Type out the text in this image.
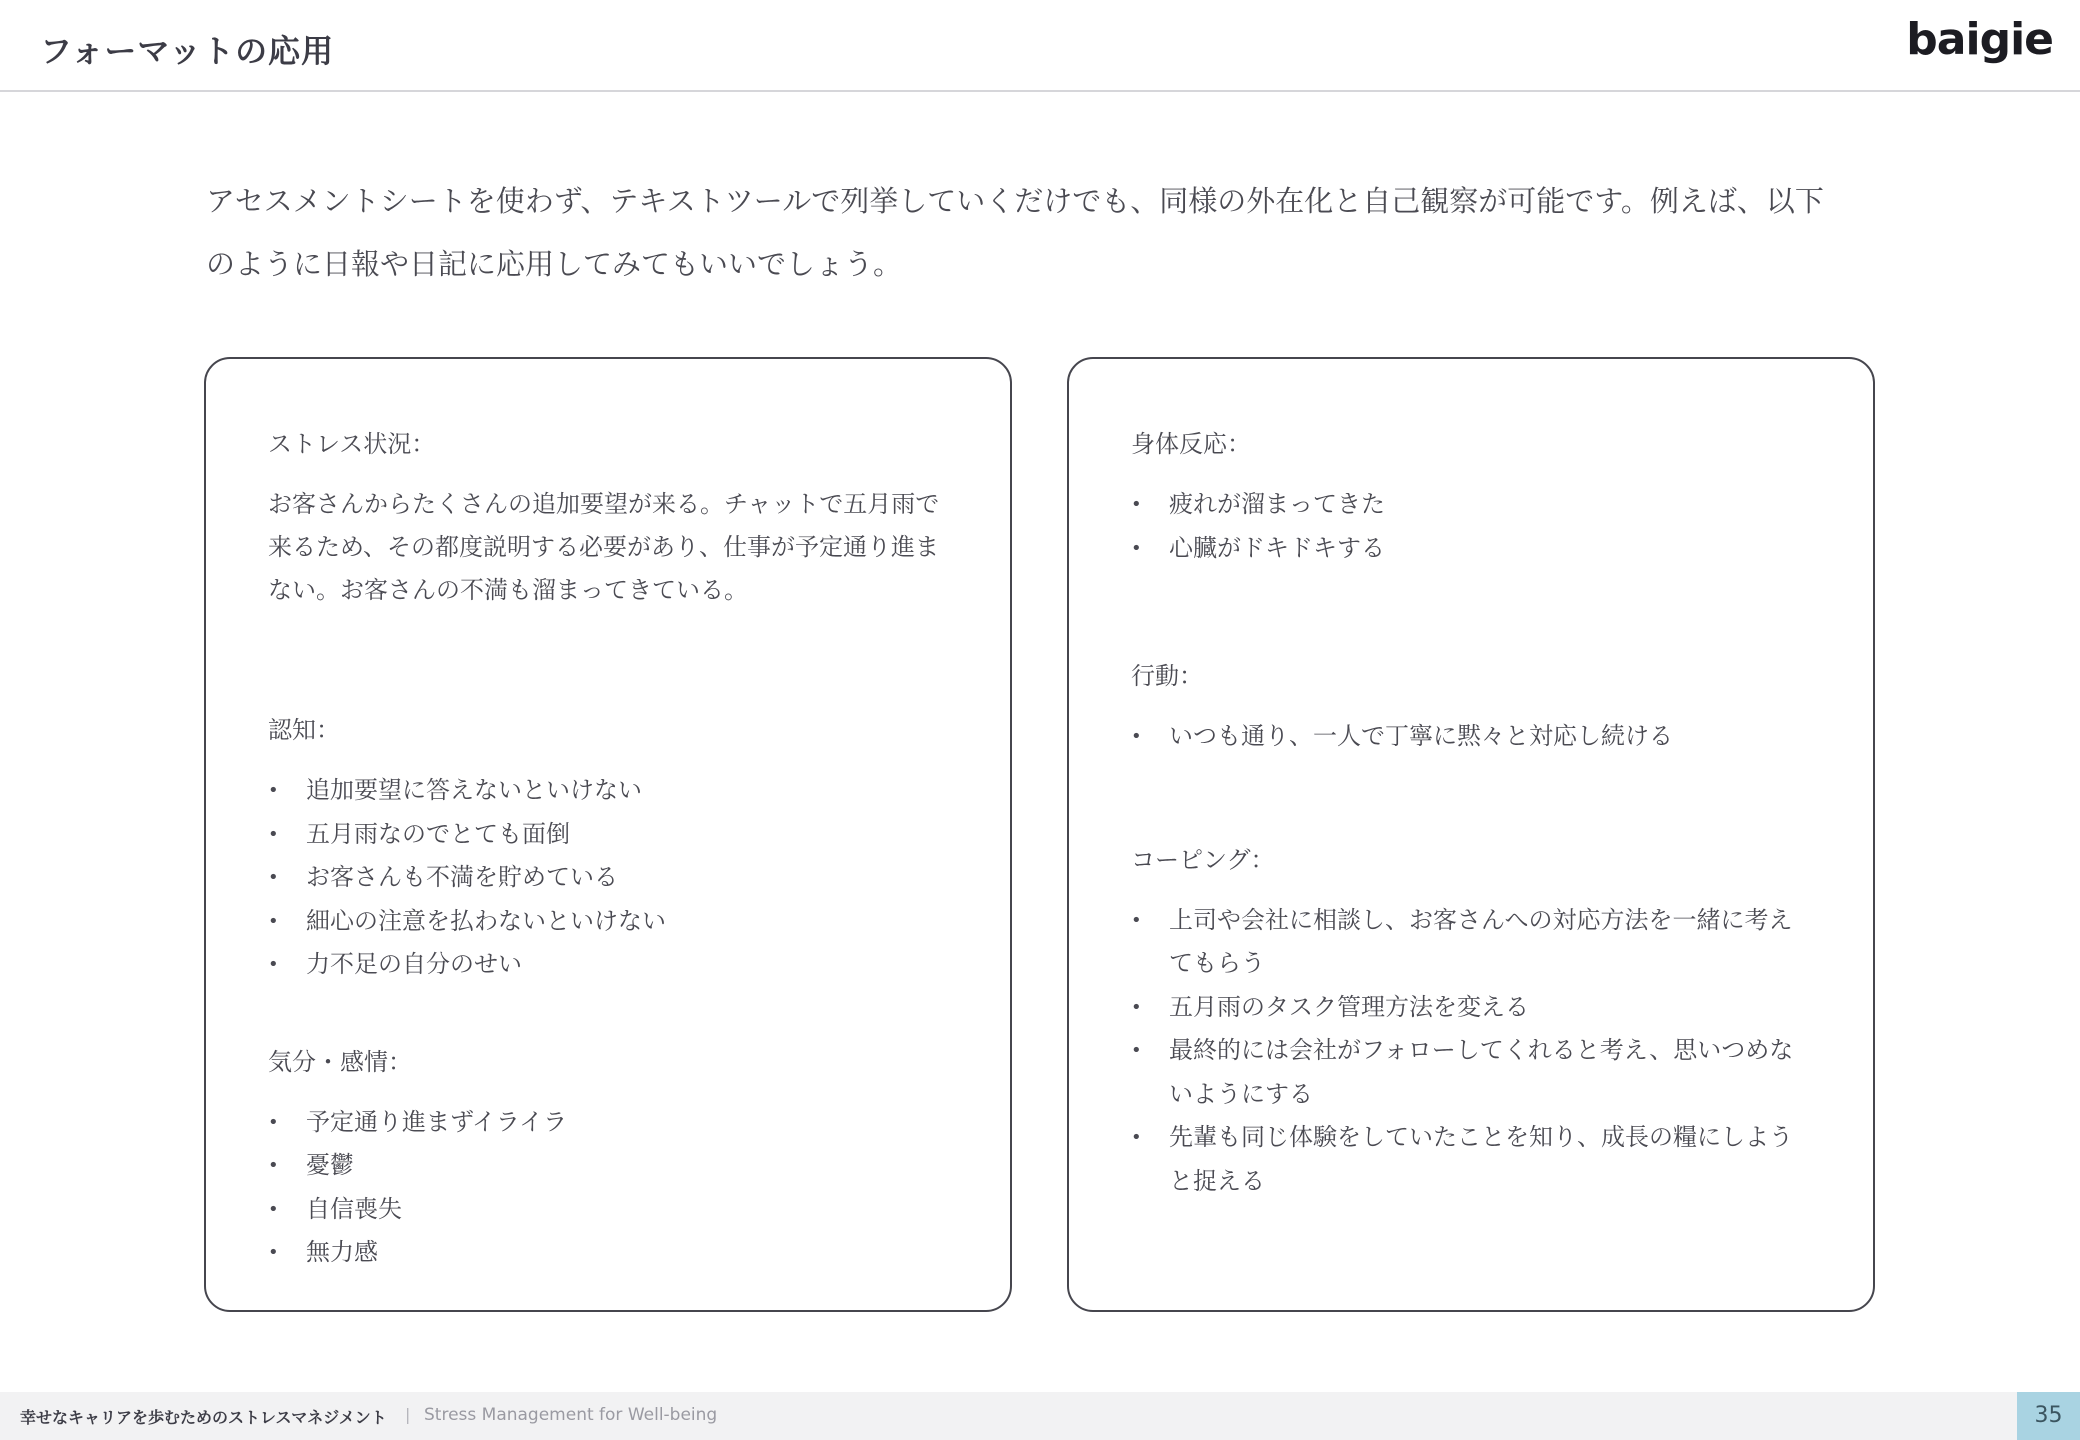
フォーマットの応用	baigie
アセスメントシートを使わず、テキストツールで列挙していくだけでも、同様の外在化と自己観察が可能です。例えば、以下
のように日報や日記に応用してみてもいいでしょう。
ストレス状況：
お客さんからたくさんの追加要望が来る。チャットで五月雨で
来るため、その都度説明する必要があり、仕事が予定通り進ま
ない。お客さんの不満も溜まってきている。
認知：
• 追加要望に答えないといけない
• 五月雨なのでとても面倒
• お客さんも不満を貯めている
• 細心の注意を払わないといけない
• 力不足の自分のせい
気分・感情：
• 予定通り進まずイライラ
• 憂鬱
• 自信喪失
• 無力感
身体反応：
• 疲れが溜まってきた
• 心臓がドキドキする
行動：
• いつも通り、一人で丁寧に黙々と対応し続ける
コーピング：
• 上司や会社に相談し、お客さんへの対応方法を一緒に考え
てもらう
• 五月雨のタスク管理方法を変える
• 最終的には会社がフォローしてくれると考え、思いつめな
いようにする
• 先輩も同じ体験をしていたことを知り、成長の糧にしよう
と捉える
幸せなキャリアを歩むためのストレスマネジメント | Stress Management for Well-being	35
